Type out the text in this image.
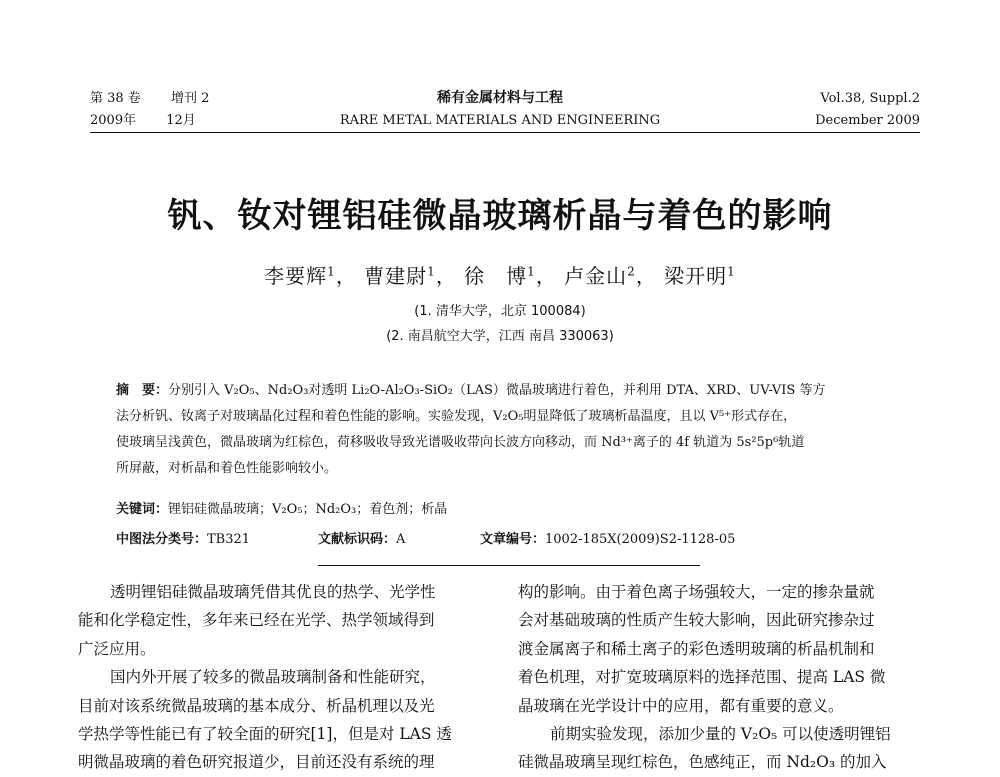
第 38 卷 增刊 2
2009年 12月
稀有金属材料与工程
RARE METAL MATERIALS AND ENGINEERING
Vol.38, Suppl.2
December 2009
钒、钕对锂铝硅微晶玻璃析晶与着色的影响
李要辉$^1$， 曹建尉$^1$， 徐　博$^1$， 卢金山$^2$， 梁开明$^1$
(1. 清华大学，北京 100084)
(2. 南昌航空大学，江西 南昌 330063)
摘　要：分别引入 V₂O₅、Nd₂O₃对透明 Li₂O-Al₂O₃-SiO₂（LAS）微晶玻璃进行着色，并利用 DTA、XRD、UV-VIS 等方
法分析钒、钕离子对玻璃晶化过程和着色性能的影响。实验发现，V₂O₅明显降低了玻璃析晶温度，且以 V⁵⁺形式存在，
使玻璃呈浅黄色，微晶玻璃为红棕色，荷移吸收导致光谱吸收带向长波方向移动，而 Nd³⁺离子的 4f 轨道为 5s²5p⁶轨道
所屏蔽，对析晶和着色性能影响较小。
关键词：锂铝硅微晶玻璃；V₂O₅；Nd₂O₃；着色剂；析晶
中图法分类号：TB321	文献标识码：A	文章编号：1002-185X(2009)S2-1128-05

透明锂铝硅微晶玻璃凭借其优良的热学、光学性

能和化学稳定性，多年来已经在光学、热学领域得到

广泛应用。

国内外开展了较多的微晶玻璃制备和性能研究，

目前对该系统微晶玻璃的基本成分、析晶机理以及光

学热学等性能已有了较全面的研究[1]，但是对 LAS 透

明微晶玻璃的着色研究报道少，目前还没有系统的理

构的影响。由于着色离子场强较大，一定的掺杂量就

会对基础玻璃的性质产生较大影响，因此研究掺杂过

渡金属离子和稀土离子的彩色透明玻璃的析晶机制和

着色机理，对扩宽玻璃原料的选择范围、提高 LAS 微

晶玻璃在光学设计中的应用，都有重要的意义。

前期实验发现，添加少量的 V₂O₅ 可以使透明锂铝

硅微晶玻璃呈现红棕色，色感纯正，而 Nd₂O₃ 的加入
